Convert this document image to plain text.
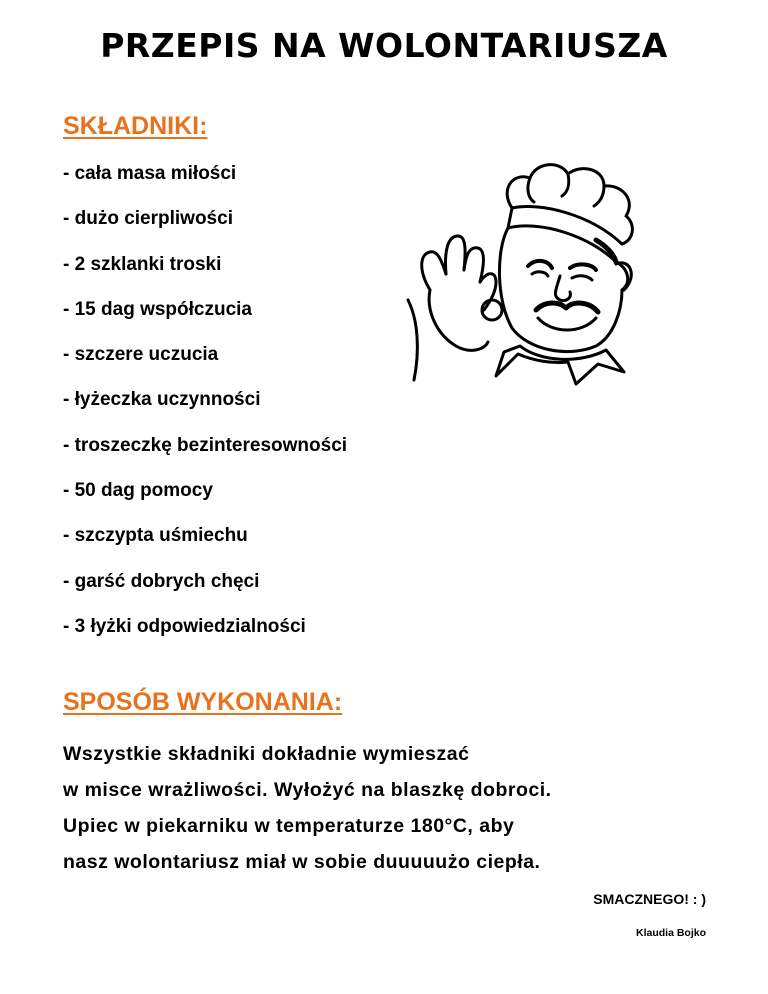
PRZEPIS NA WOLONTARIUSZA
SKŁADNIKI:
- cała masa miłości
- dużo cierpliwości
- 2 szklanki troski
- 15 dag współczucia
- szczere uczucia
- łyżeczka uczynności
- troszeczkę bezinteresowności
- 50 dag pomocy
- szczypta uśmiechu
- garść dobrych chęci
- 3 łyżki odpowiedzialności
SPOSÓB WYKONANIA:

Wszystkie składniki dokładnie wymieszać
w misce wrażliwości. Wyłożyć na blaszkę dobroci.
Upiec w piekarniku w temperaturze 180°C, aby
nasz wolontariusz miał w sobie duuuuużo ciepła.

SMACZNEGO! : )

Klaudia Bojko
